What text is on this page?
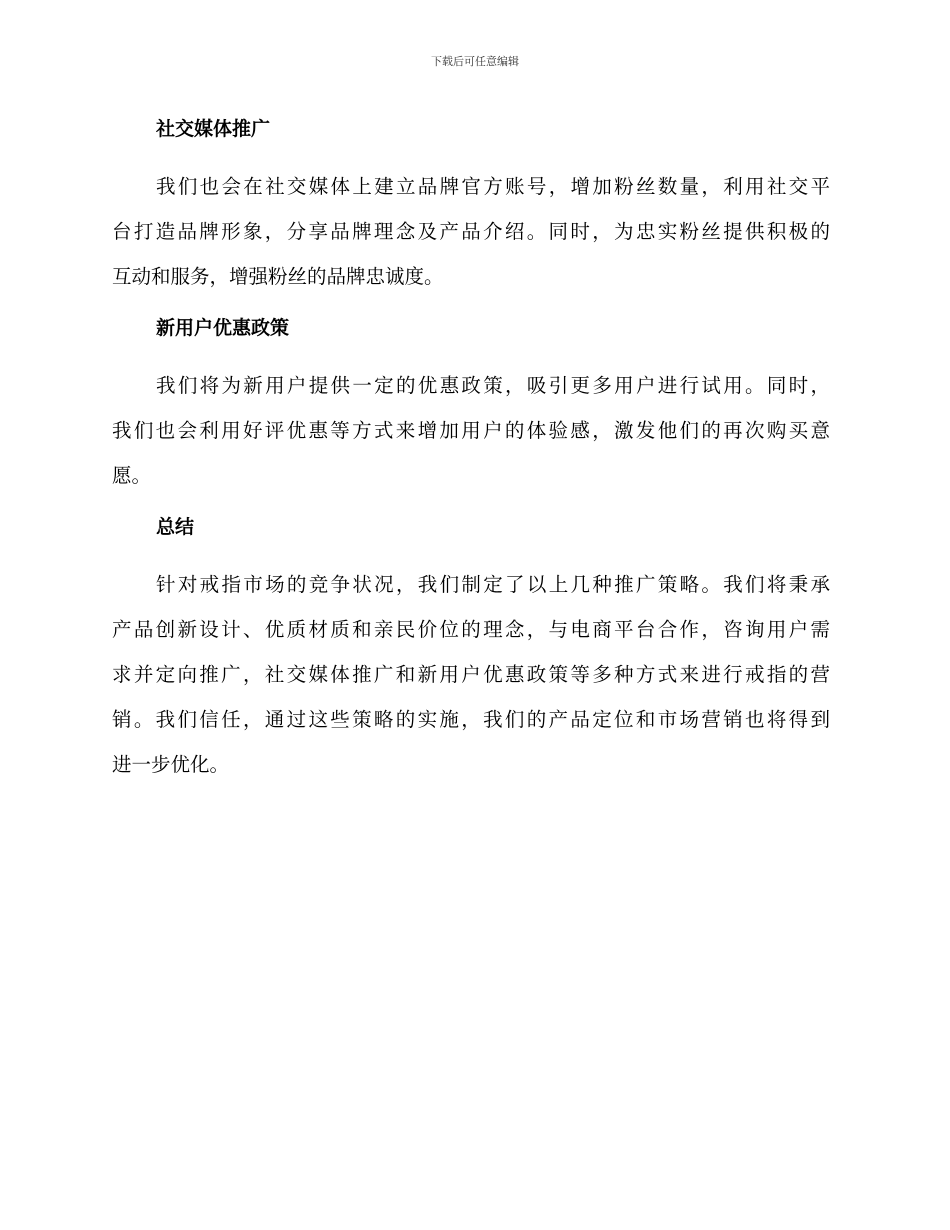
下载后可任意编辑
社交媒体推广
我们也会在社交媒体上建立品牌官方账号，增加粉丝数量，利用社交平
台打造品牌形象，分享品牌理念及产品介绍。同时，为忠实粉丝提供积极的
互动和服务，增强粉丝的品牌忠诚度。
新用户优惠政策
我们将为新用户提供一定的优惠政策，吸引更多用户进行试用。同时，
我们也会利用好评优惠等方式来增加用户的体验感，激发他们的再次购买意
愿。
总结
针对戒指市场的竞争状况，我们制定了以上几种推广策略。我们将秉承
产品创新设计、优质材质和亲民价位的理念，与电商平台合作，咨询用户需
求并定向推广，社交媒体推广和新用户优惠政策等多种方式来进行戒指的营
销。我们信任，通过这些策略的实施，我们的产品定位和市场营销也将得到
进一步优化。
